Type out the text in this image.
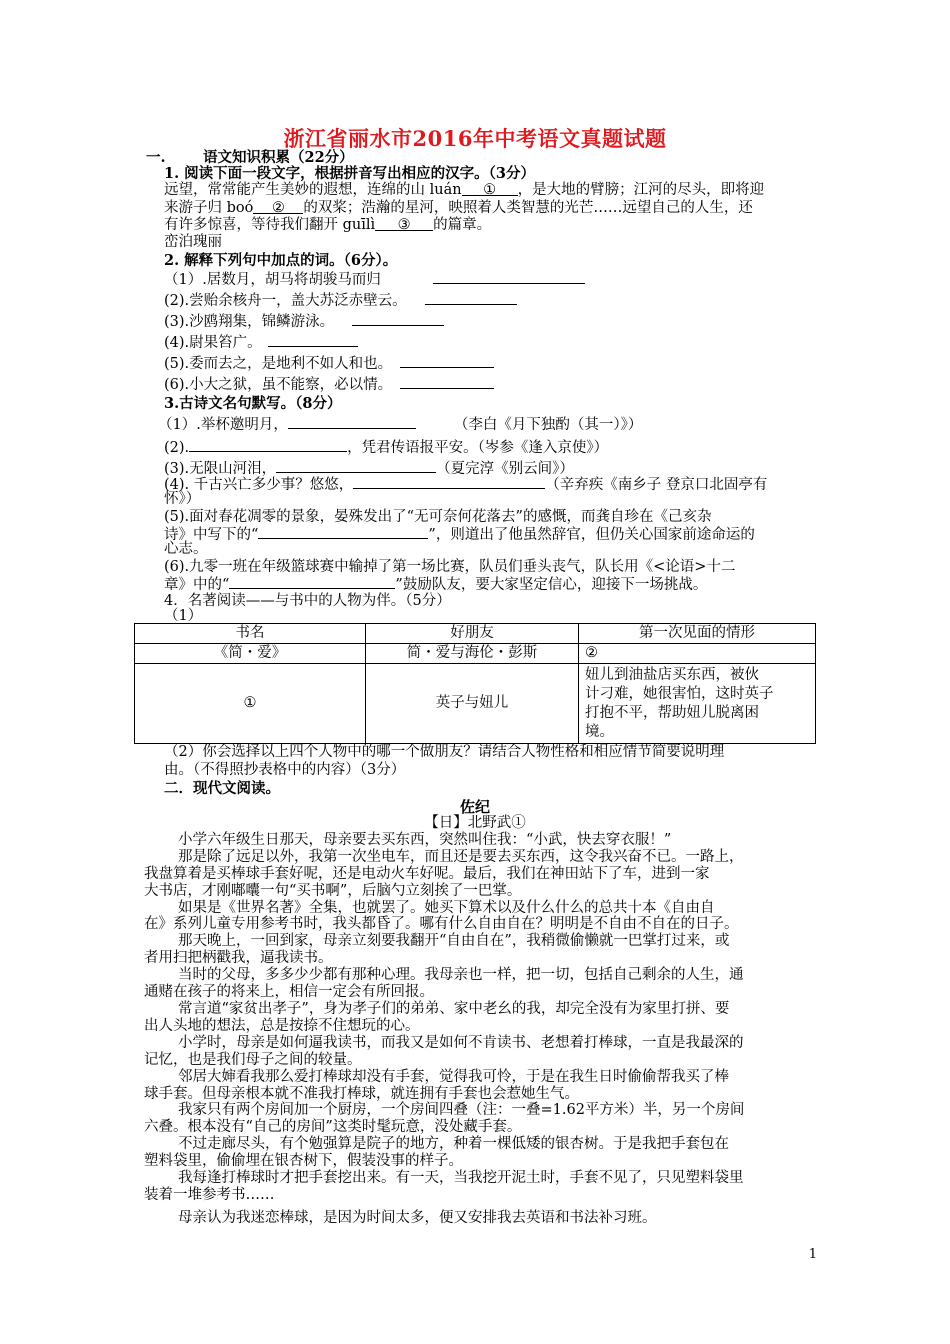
浙江省丽水市2016年中考语文真题试题
一.	语文知识积累（22分）
1. 阅读下面一段文字，根据拼音写出相应的汉字。（3分）
远望，常常能产生美妙的遐想，连绵的山 luán ① ，是大地的臂膀；江河的尽头，即将迎
来游子归 boó ② 的双桨；浩瀚的星河，映照着人类智慧的光芒……远望自己的人生，还
有许多惊喜，等待我们翻开 guīlì ③ 的篇章。
峦泊瑰丽
2. 解释下列句中加点的词。（6分）。
（1）.居数月，胡马将胡骏马而归
(2).尝贻余核舟一，盖大苏泛赤壁云。
(3).沙鸥翔集，锦鳞游泳。
(4).尉果笞广。
(5).委而去之，是地利不如人和也。
(6).小大之狱，虽不能察，必以情。
3.古诗文名句默写。（8分）
（1）.举杯邀明月，	（李白《月下独酌（其一）》）
(2).	，凭君传语报平安。（岑参《逢入京使》）
(3).无限山河泪，	（夏完淳《别云间》）
(4). 千古兴亡多少事？悠悠，	（辛弃疾《南乡子 登京口北固亭有
怀》）
(5).面对春花凋零的景象，晏殊发出了“无可奈何花落去”的感慨，而龚自珍在《己亥杂
诗》中写下的“	”，则道出了他虽然辞官，但仍关心国家前途命运的
心志。
(6).九零一班在年级篮球赛中输掉了第一场比赛，队员们垂头丧气，队长用《<论语>十二
章》中的“	”鼓励队友，要大家坚定信心，迎接下一场挑战。
4．名著阅读——与书中的人物为伴。（5分）
（1）
书名	好朋友	第一次见面的情形
《简・爱》	简・爱与海伦・彭斯	②
①	英子与妞儿	妞儿到油盐店买东西，被伙
计刁难，她很害怕，这时英子
打抱不平，帮助妞儿脱离困
境。
（2）你会选择以上四个人物中的哪一个做朋友？请结合人物性格和相应情节简要说明理
由。（不得照抄表格中的内容）（3分）
二．现代文阅读。
佐纪
【日】北野武①
小学六年级生日那天，母亲要去买东西，突然叫住我：“小武，快去穿衣服！”
那是除了远足以外，我第一次坐电车，而且还是要去买东西，这令我兴奋不已。一路上，
我盘算着是买棒球手套好呢，还是电动火车好呢。最后，我们在神田站下了车，进到一家
大书店，才刚嘟囔一句“买书啊”，后脑勺立刻挨了一巴掌。
如果是《世界名著》全集，也就罢了。她买下算术以及什么什么的总共十本《自由自
在》系列儿童专用参考书时，我头都昏了。哪有什么自由自在？明明是不自由不自在的日子。
那天晚上，一回到家，母亲立刻要我翻开“自由自在”，我稍微偷懒就一巴掌打过来，或
者用扫把柄戳我，逼我读书。
当时的父母，多多少少都有那种心理。我母亲也一样，把一切，包括自己剩余的人生，通
通赌在孩子的将来上，相信一定会有所回报。
常言道“家贫出孝子”，身为孝子们的弟弟、家中老幺的我，却完全没有为家里打拼、要
出人头地的想法，总是按捺不住想玩的心。
小学时，母亲是如何逼我读书，而我又是如何不肯读书、老想着打棒球，一直是我最深的
记忆，也是我们母子之间的较量。
邻居大婶看我那么爱打棒球却没有手套，觉得我可怜，于是在我生日时偷偷帮我买了棒
球手套。但母亲根本就不准我打棒球，就连拥有手套也会惹她生气。
我家只有两个房间加一个厨房，一个房间四叠（注：一叠=1.62平方米）半，另一个房间
六叠。根本没有“自己的房间”这类时髦玩意，没处藏手套。
不过走廊尽头，有个勉强算是院子的地方，种着一棵低矮的银杏树。于是我把手套包在
塑料袋里，偷偷埋在银杏树下，假装没事的样子。
我每逢打棒球时才把手套挖出来。有一天，当我挖开泥土时，手套不见了，只见塑料袋里
装着一堆参考书……
母亲认为我迷恋棒球，是因为时间太多，便又安排我去英语和书法补习班。
1
